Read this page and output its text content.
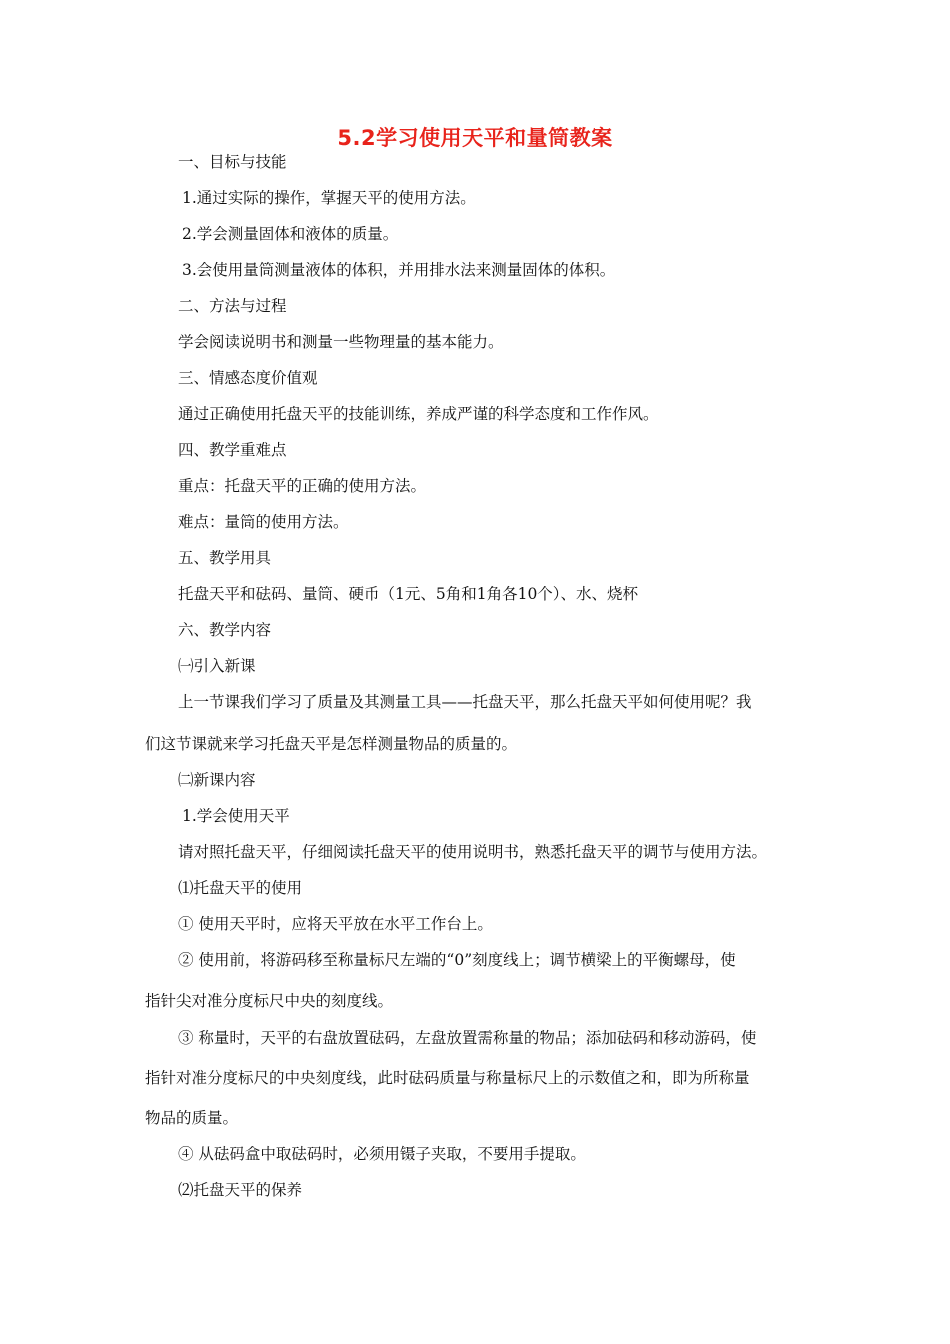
5.2学习使用天平和量筒教案
一、目标与技能
1.通过实际的操作，掌握天平的使用方法。
2.学会测量固体和液体的质量。
3.会使用量筒测量液体的体积，并用排水法来测量固体的体积。
二、方法与过程
学会阅读说明书和测量一些物理量的基本能力。
三、情感态度价值观
通过正确使用托盘天平的技能训练，养成严谨的科学态度和工作作风。
四、教学重难点
重点：托盘天平的正确的使用方法。
难点：量筒的使用方法。
五、教学用具
托盘天平和砝码、量筒、硬币（1元、5角和1角各10个）、水、烧杯
六、教学内容
㈠引入新课
上一节课我们学习了质量及其测量工具——托盘天平，那么托盘天平如何使用呢？我
们这节课就来学习托盘天平是怎样测量物品的质量的。
㈡新课内容
1.学会使用天平
请对照托盘天平，仔细阅读托盘天平的使用说明书，熟悉托盘天平的调节与使用方法。
⑴托盘天平的使用
① 使用天平时，应将天平放在水平工作台上。
② 使用前，将游码移至称量标尺左端的“0”刻度线上；调节横梁上的平衡螺母，使
指针尖对准分度标尺中央的刻度线。
③ 称量时，天平的右盘放置砝码，左盘放置需称量的物品；添加砝码和移动游码，使
指针对准分度标尺的中央刻度线，此时砝码质量与称量标尺上的示数值之和，即为所称量
物品的质量。
④ 从砝码盒中取砝码时，必须用镊子夹取，不要用手提取。
⑵托盘天平的保养
